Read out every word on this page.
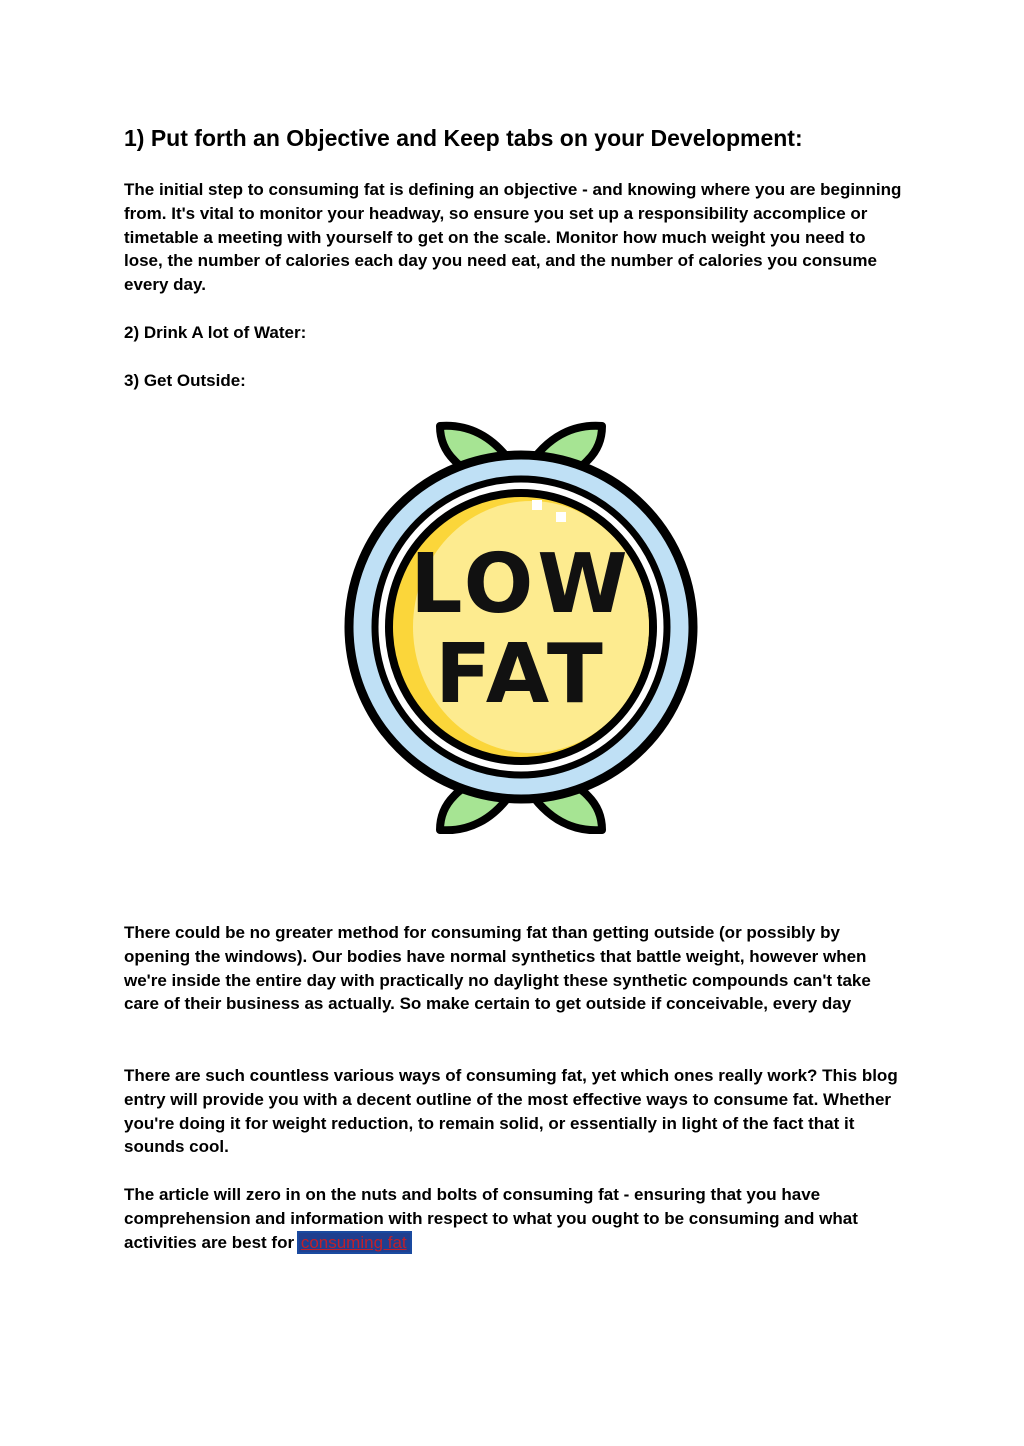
1) Put forth an Objective and Keep tabs on your Development:

The initial step to consuming fat is defining an objective - and knowing where you are beginning from. It's vital to monitor your headway, so ensure you set up a responsibility accomplice or timetable a meeting with yourself to get on the scale. Monitor how much weight you need to lose, the number of calories each day you need eat, and the number of calories you consume every day.

2) Drink A lot of Water:

3) Get Outside:

There could be no greater method for consuming fat than getting outside (or possibly by opening the windows). Our bodies have normal synthetics that battle weight, however when we're inside the entire day with practically no daylight these synthetic compounds can't take care of their business as actually. So make certain to get outside if conceivable, every day

There are such countless various ways of consuming fat, yet which ones really work? This blog entry will provide you with a decent outline of the most effective ways to consume fat. Whether you're doing it for weight reduction, to remain solid, or essentially in light of the fact that it sounds cool.

The article will zero in on the nuts and bolts of consuming fat - ensuring that you have comprehension and information with respect to what you ought to be consuming and what activities are best for consuming fat

LOW
FAT
